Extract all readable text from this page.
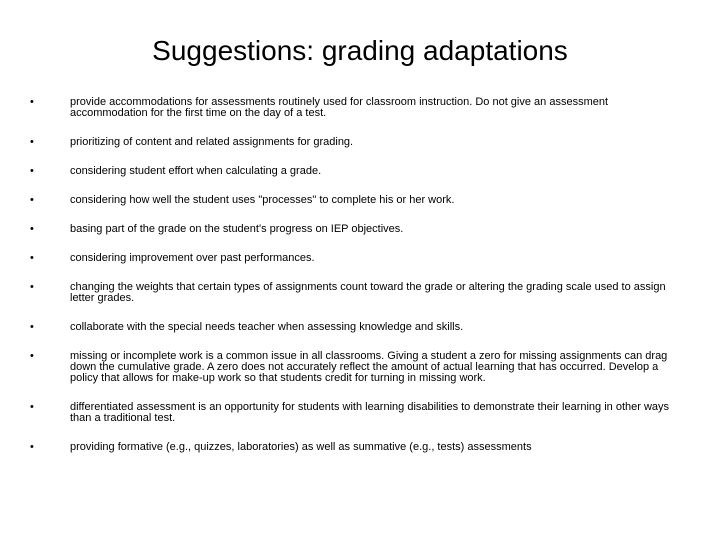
Suggestions: grading adaptations
•	provide accommodations for assessments routinely used for classroom instruction. Do not give an assessment accommodation for the first time on the day of a test.
•	prioritizing of content and related assignments for grading.
•	considering student effort when calculating a grade.
•	considering how well the student uses "processes" to complete his or her work.
•	basing part of the grade on the student's progress on IEP objectives.
•	considering improvement over past performances.
•	changing the weights that certain types of assignments count toward the grade or altering the grading scale used to assign letter grades.
•	collaborate with the special needs teacher when assessing knowledge and skills.
•	missing or incomplete work is a common issue in all classrooms. Giving a student a zero for missing assignments can drag down the cumulative grade. A zero does not accurately reflect the amount of actual learning that has occurred. Develop a policy that allows for make-up work so that students credit for turning in missing work.
•	differentiated assessment is an opportunity for students with learning disabilities to demonstrate their learning in other ways than a traditional test.
•	providing formative (e.g., quizzes, laboratories) as well as summative (e.g., tests) assessments
